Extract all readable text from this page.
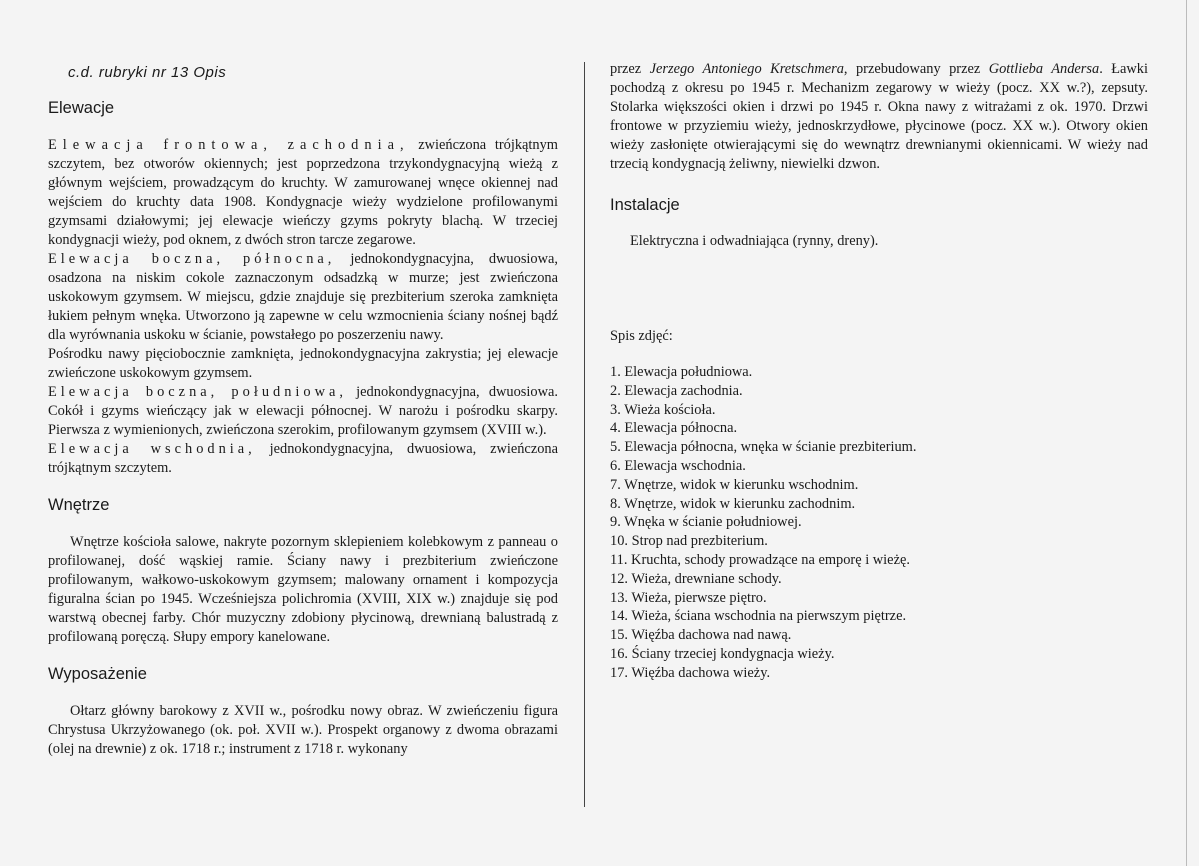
c.d. rubryki nr 13 Opis
Elewacje

Elewacja frontowa, zachodnia, zwieńczona trójkątnym szczytem, bez otworów okiennych; jest poprzedzona trzykondygnacyjną wieżą z głównym wejściem, prowadzącym do kruchty. W zamurowanej wnęce okiennej nad wejściem do kruchty data 1908. Kondygnacje wieży wydzielone profilowanymi gzymsami działowymi; jej elewacje wieńczy gzyms pokryty blachą. W trzeciej kondygnacji wieży, pod oknem, z dwóch stron tarcze zegarowe.

Elewacja boczna, północna, jednokondygnacyjna, dwuosiowa, osadzona na niskim cokole zaznaczonym odsadzką w murze; jest zwieńczona uskokowym gzymsem. W miejscu, gdzie znajduje się prezbiterium szeroka zamknięta łukiem pełnym wnęka. Utworzono ją zapewne w celu wzmocnienia ściany nośnej bądź dla wyrównania uskoku w ścianie, powstałego po poszerzeniu nawy.

Pośrodku nawy pięciobocznie zamknięta, jednokondygnacyjna zakrystia; jej elewacje zwieńczone uskokowym gzymsem.

Elewacja boczna, południowa, jednokondygnacyjna, dwuosiowa. Cokół i gzyms wieńczący jak w elewacji północnej. W narożu i pośrodku skarpy. Pierwsza z wymienionych, zwieńczona szerokim, profilowanym gzymsem (XVIII w.).

Elewacja wschodnia, jednokondygnacyjna, dwuosiowa, zwieńczona trójkątnym szczytem.

Wnętrze

Wnętrze kościoła salowe, nakryte pozornym sklepieniem kolebkowym z panneau o profilowanej, dość wąskiej ramie. Ściany nawy i prezbiterium zwieńczone profilowanym, wałkowo-uskokowym gzymsem; malowany ornament i kompozycja figuralna ścian po 1945. Wcześniejsza polichromia (XVIII, XIX w.) znajduje się pod warstwą obecnej farby. Chór muzyczny zdobiony płycinową, drewnianą balustradą z profilowaną poręczą. Słupy empory kanelowane.

Wyposażenie

Ołtarz główny barokowy z XVII w., pośrodku nowy obraz. W zwieńczeniu figura Chrystusa Ukrzyżowanego (ok. poł. XVII w.). Prospekt organowy z dwoma obrazami (olej na drewnie) z ok. 1718 r.; instrument z 1718 r. wykonany

przez Jerzego Antoniego Kretschmera, przebudowany przez Gottlieba Andersa. Ławki pochodzą z okresu po 1945 r. Mechanizm zegarowy w wieży (pocz. XX w.?), zepsuty. Stolarka większości okien i drzwi po 1945 r. Okna nawy z witrażami z ok. 1970. Drzwi frontowe w przyziemiu wieży, jednoskrzydłowe, płycinowe (pocz. XX w.). Otwory okien wieży zasłonięte otwierającymi się do wewnątrz drewnianymi okiennicami. W wieży nad trzecią kondygnacją żeliwny, niewielki dzwon.

Instalacje
Elektryczna i odwadniająca (rynny, dreny).
Spis zdjęć:
1. Elewacja południowa.
2. Elewacja zachodnia.
3. Wieża kościoła.
4. Elewacja północna.
5. Elewacja północna, wnęka w ścianie prezbiterium.
6. Elewacja wschodnia.
7. Wnętrze, widok w kierunku wschodnim.
8. Wnętrze, widok w kierunku zachodnim.
9. Wnęka w ścianie południowej.
10. Strop nad prezbiterium.
11. Kruchta, schody prowadzące na emporę i wieżę.
12. Wieża, drewniane schody.
13. Wieża, pierwsze piętro.
14. Wieża, ściana wschodnia na pierwszym piętrze.
15. Więźba dachowa nad nawą.
16. Ściany trzeciej kondygnacja wieży.
17. Więźba dachowa wieży.
